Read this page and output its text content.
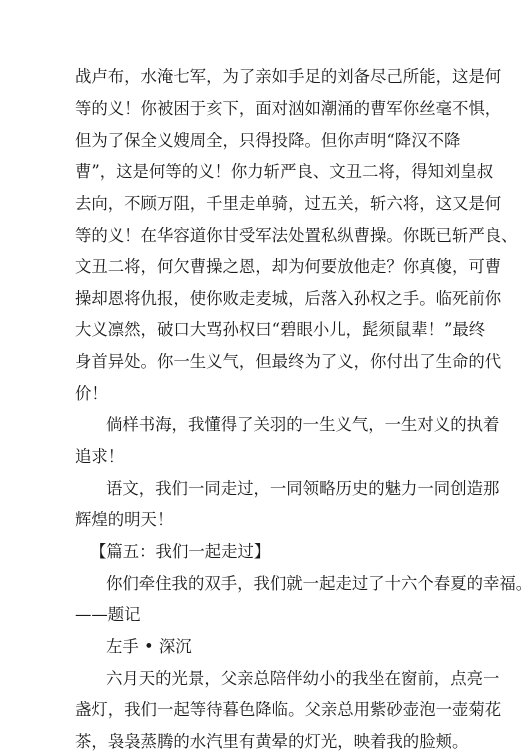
战卢布，水淹七军，为了亲如手足的刘备尽己所能，这是何
等的义！你被困于亥下，面对汹如潮涌的曹军你丝毫不惧，
但为了保全义嫂周全，只得投降。但你声明“降汉不降
曹”，这是何等的义！你力斩严良、文丑二将，得知刘皇叔
去向，不顾万阻，千里走单骑，过五关，斩六将，这又是何
等的义！在华容道你甘受军法处置私纵曹操。你既已斩严良、
文丑二将，何欠曹操之恩，却为何要放他走？你真傻，可曹
操却恩将仇报，使你败走麦城，后落入孙权之手。临死前你
大义凛然，破口大骂孙权曰“碧眼小儿，髭须鼠辈！”最终
身首异处。你一生义气，但最终为了义，你付出了生命的代
价！
倘样书海，我懂得了关羽的一生义气，一生对义的执着
追求！
语文，我们一同走过，一同领略历史的魅力一同创造那
辉煌的明天！
【篇五：我们一起走过】
你们牵住我的双手，我们就一起走过了十六个春夏的幸福。
——题记
左手 • 深沉
六月天的光景，父亲总陪伴幼小的我坐在窗前，点亮一
盏灯，我们一起等待暮色降临。父亲总用紫砂壶泡一壶菊花
茶，袅袅蒸腾的水汽里有黄晕的灯光，映着我的脸颊。
